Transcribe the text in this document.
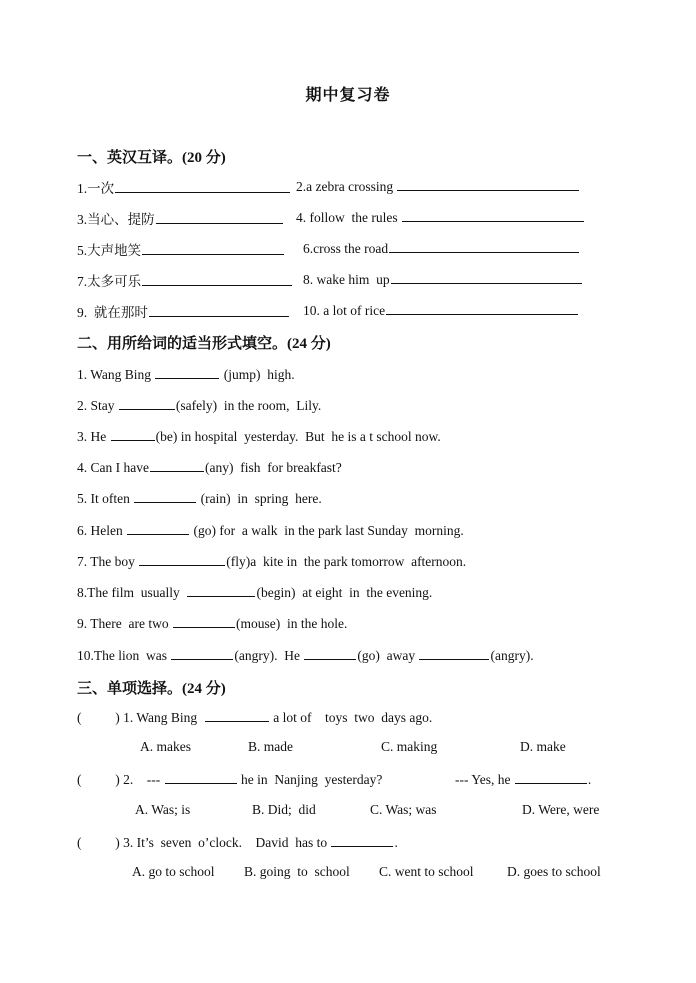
期中复习卷
一、英汉互译。(20 分)
1.一次	2.a zebra crossing
3.当心、提防	4. follow  the rules
5.大声地笑	6.cross the road
7.太多可乐	8. wake him  up
9.  就在那时	10. a lot of rice
二、用所给词的适当形式填空。(24 分)
1. Wang Bing	(jump)  high.
2. Stay	(safely)  in the room,  Lily.
3. He	(be) in hospital  yesterday.  But  he is a t school now.
4. Can I have	(any)  fish  for breakfast?
5. It often	(rain)  in  spring  here.
6. Helen	(go) for  a walk  in the park last Sunday  morning.
7. The boy	(fly)a  kite in  the park tomorrow  afternoon.
8.The film  usually	(begin)  at eight  in  the evening.
9. There  are two	(mouse)  in the hole.
10.The lion  was	(angry).  He	(go)  away	(angry).
三、单项选择。(24 分)
(          ) 1. Wang Bing	a lot of    toys  two  days ago.
A. makes	B. made	C. making	D. make
(          ) 2.    ---	he in  Nanjing  yesterday?	--- Yes, he	.
A. Was; is	B. Did;  did	C. Was; was	D. Were, were
(          ) 3. It’s  seven  o’clock.    David  has to	.
A. go to school B. going  to  school C. went to school D. goes to school
